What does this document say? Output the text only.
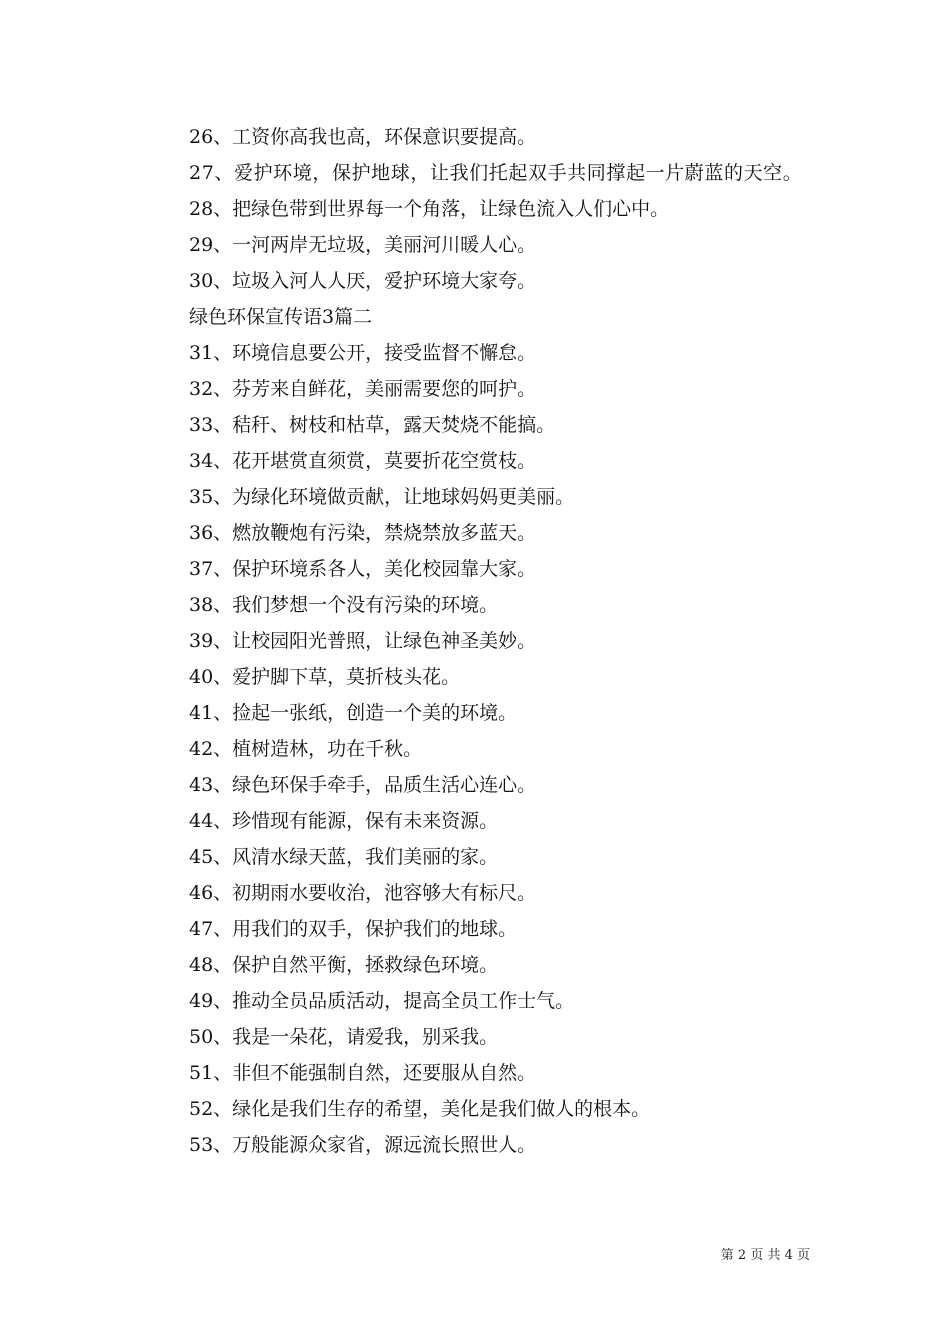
26、工资你高我也高，环保意识要提高。
27、爱护环境，保护地球，让我们托起双手共同撑起一片蔚蓝的天空。
28、把绿色带到世界每一个角落，让绿色流入人们心中。
29、一河两岸无垃圾，美丽河川暖人心。
30、垃圾入河人人厌，爱护环境大家夸。
绿色环保宣传语3篇二
31、环境信息要公开，接受监督不懈怠。
32、芬芳来自鲜花，美丽需要您的呵护。
33、秸秆、树枝和枯草，露天焚烧不能搞。
34、花开堪赏直须赏，莫要折花空赏枝。
35、为绿化环境做贡献，让地球妈妈更美丽。
36、燃放鞭炮有污染，禁烧禁放多蓝天。
37、保护环境系各人，美化校园靠大家。
38、我们梦想一个没有污染的环境。
39、让校园阳光普照，让绿色神圣美妙。
40、爱护脚下草，莫折枝头花。
41、捡起一张纸，创造一个美的环境。
42、植树造林，功在千秋。
43、绿色环保手牵手，品质生活心连心。
44、珍惜现有能源，保有未来资源。
45、风清水绿天蓝，我们美丽的家。
46、初期雨水要收治，池容够大有标尺。
47、用我们的双手，保护我们的地球。
48、保护自然平衡，拯救绿色环境。
49、推动全员品质活动，提高全员工作士气。
50、我是一朵花，请爱我，别采我。
51、非但不能强制自然，还要服从自然。
52、绿化是我们生存的希望，美化是我们做人的根本。
53、万般能源众家省，源远流长照世人。
第 2 页 共 4 页
